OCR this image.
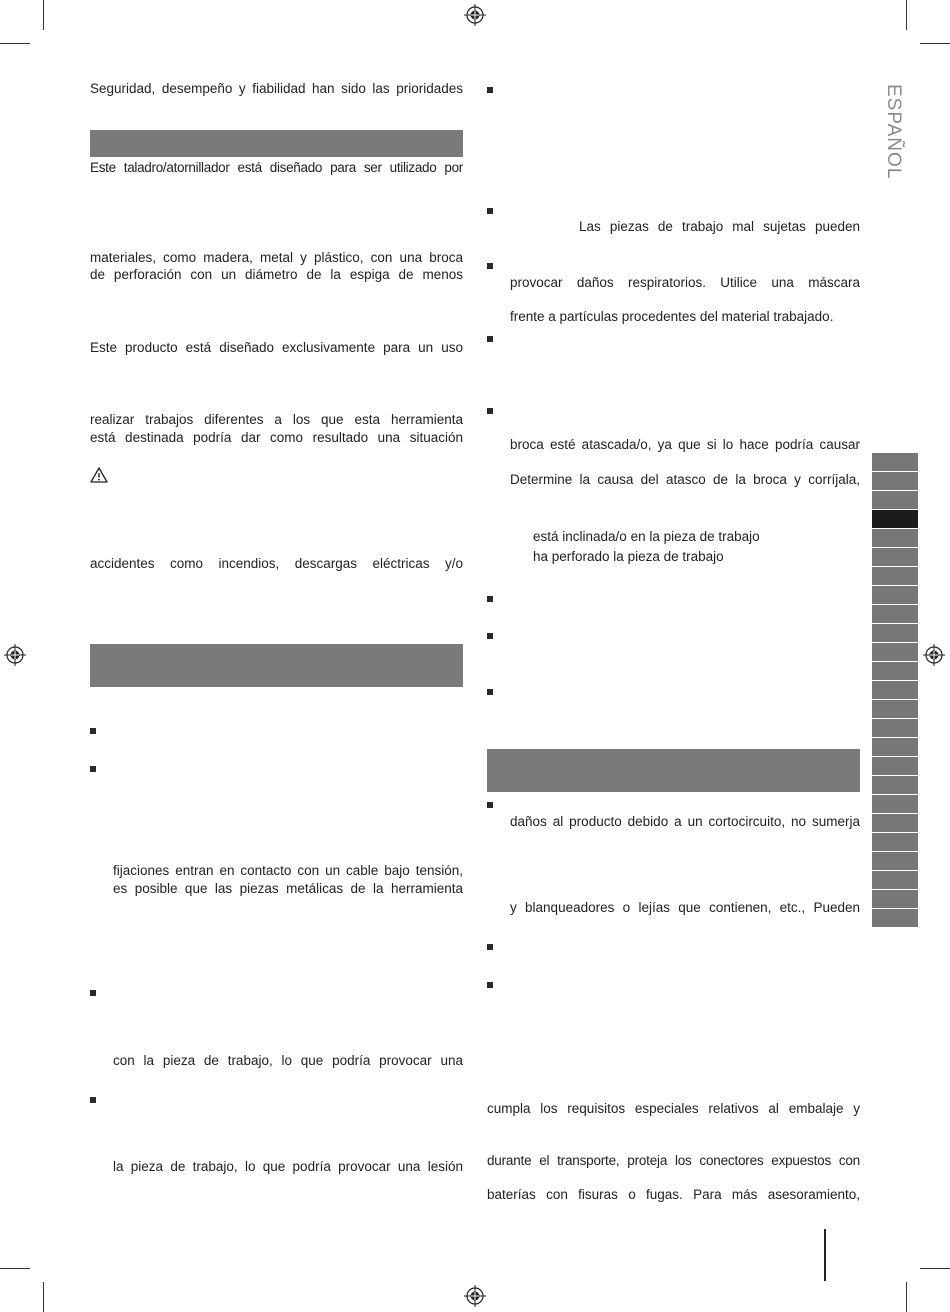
ESPAÑOL
Seguridad, desempeño y fiabilidad han sido las prioridades
Este taladro/atornillador está diseñado para ser utilizado por
materiales, como madera, metal y plástico, con una broca
de perforación con un diámetro de la espiga de menos
Este producto está diseñado exclusivamente para un uso
realizar trabajos diferentes a los que esta herramienta
está destinada podría dar como resultado una situación
accidentes como incendios, descargas eléctricas y/o
fijaciones entran en contacto con un cable bajo tensión,
es posible que las piezas metálicas de la herramienta
con la pieza de trabajo, lo que podría provocar una
la pieza de trabajo, lo que podría provocar una lesión
Las piezas de trabajo mal sujetas pueden
provocar daños respiratorios. Utilice una máscara
frente a partículas procedentes del material trabajado.
broca esté atascada/o, ya que si lo hace podría causar
Determine la causa del atasco de la broca y corríjala,
está inclinada/o en la pieza de trabajo
ha perforado la pieza de trabajo
daños al producto debido a un cortocircuito, no sumerja
y blanqueadores o lejías que contienen, etc., Pueden
cumpla los requisitos especiales relativos al embalaje y
durante el transporte, proteja los conectores expuestos con
baterías con fisuras o fugas. Para más asesoramiento,
